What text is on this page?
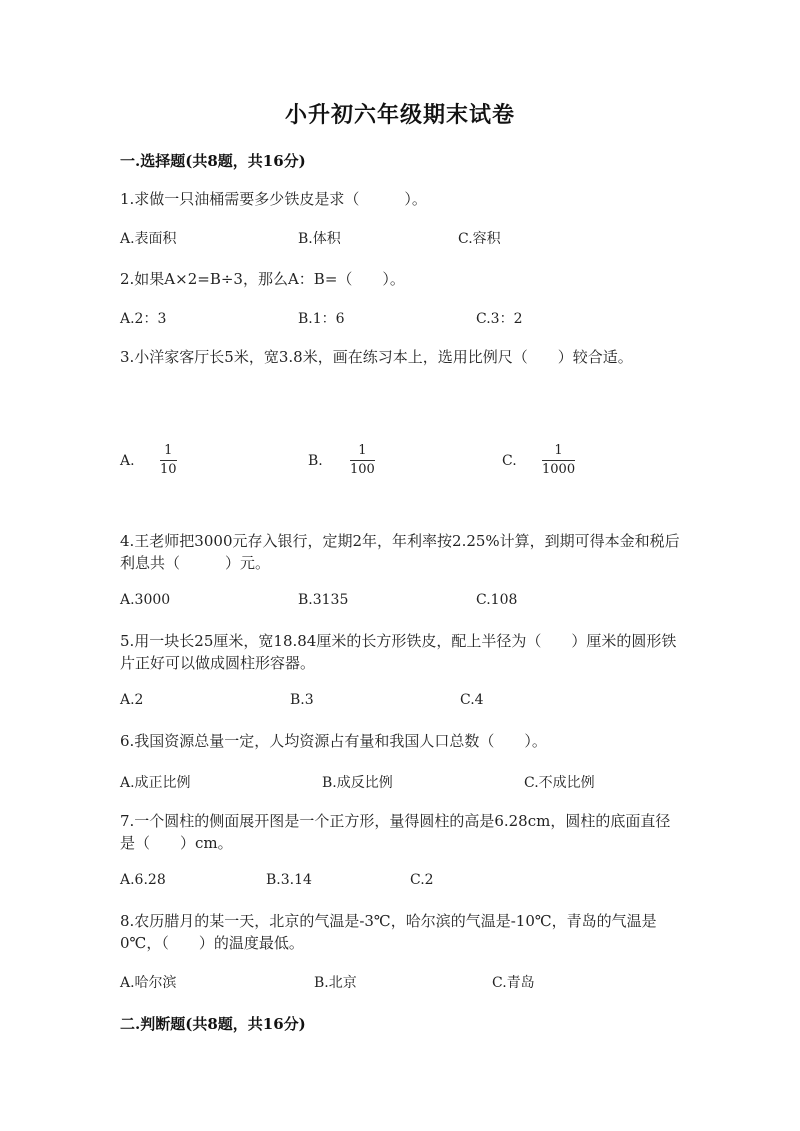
小升初六年级期末试卷
一.选择题(共8题，共16分)
1.求做一只油桶需要多少铁皮是求（　　　）。
A.表面积	B.体积	C.容积
2.如果A×2=B÷3，那么A：B=（　　）。
A.2：3	B.1：6	C.3：2
3.小洋家客厅长5米，宽3.8米，画在练习本上，选用比例尺（　　）较合适。
A.
1
10
B.
1
100
C.
1
1000
4.王老师把3000元存入银行，定期2年，年利率按2.25%计算，到期可得本金和税后利息共（　　　）元。
A.3000	B.3135	C.108
5.用一块长25厘米，宽18.84厘米的长方形铁皮，配上半径为（　　）厘米的圆形铁片正好可以做成圆柱形容器。
A.2	B.3	C.4
6.我国资源总量一定，人均资源占有量和我国人口总数（　　）。
A.成正比例	B.成反比例	C.不成比例
7.一个圆柱的侧面展开图是一个正方形，量得圆柱的高是6.28cm，圆柱的底面直径是（　　）cm。
A.6.28	B.3.14	C.2
8.农历腊月的某一天，北京的气温是-3℃，哈尔滨的气温是-10℃，青岛的气温是0℃，（　　）的温度最低。
A.哈尔滨	B.北京	C.青岛
二.判断题(共8题，共16分)
